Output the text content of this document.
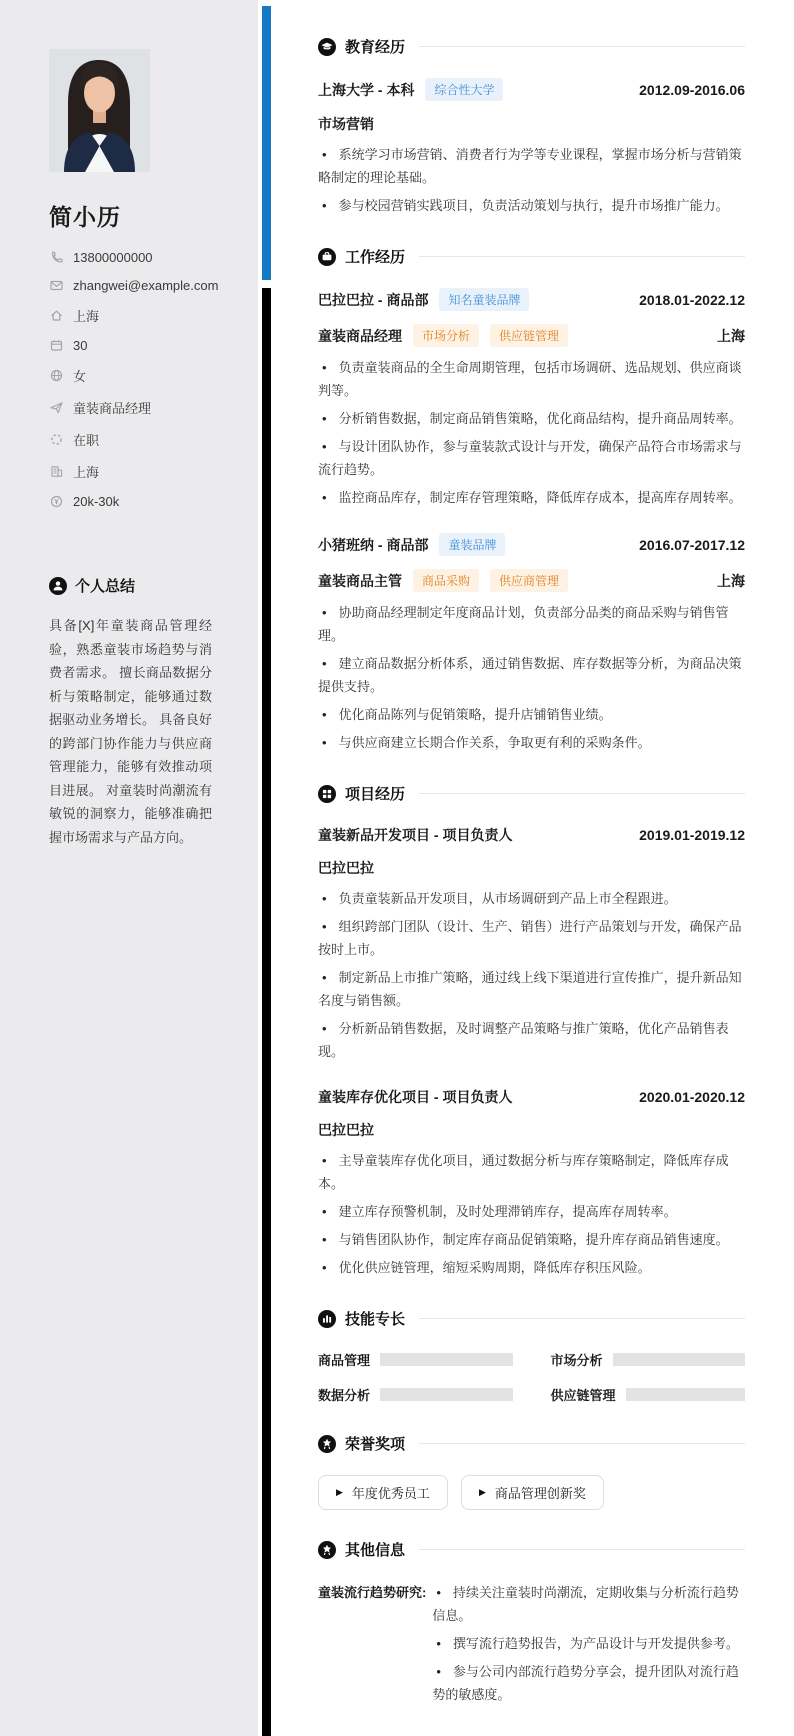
简小历
13800000000
zhangwei@example.com
上海
30
女
童装商品经理
在职
上海
20k-30k
个人总结
具备[X]年童装商品管理经验，熟悉童装市场趋势与消费者需求。 擅长商品数据分析与策略制定，能够通过数据驱动业务增长。 具备良好的跨部门协作能力与供应商管理能力，能够有效推动项目进展。 对童装时尚潮流有敏锐的洞察力，能够准确把握市场需求与产品方向。
教育经历
上海大学 - 本科	综合性大学	2012.09-2016.06
市场营销

• 系统学习市场营销、消费者行为学等专业课程，掌握市场分析与营销策略制定的理论基础。

• 参与校园营销实践项目，负责活动策划与执行，提升市场推广能力。

工作经历
巴拉巴拉 - 商品部	知名童装品牌	2018.01-2022.12
童装商品经理	市场分析	供应链管理	上海

• 负责童装商品的全生命周期管理，包括市场调研、选品规划、供应商谈判等。

• 分析销售数据，制定商品销售策略，优化商品结构，提升商品周转率。

• 与设计团队协作，参与童装款式设计与开发，确保产品符合市场需求与流行趋势。

• 监控商品库存，制定库存管理策略，降低库存成本，提高库存周转率。

小猪班纳 - 商品部	童装品牌	2016.07-2017.12
童装商品主管	商品采购	供应商管理	上海

• 协助商品经理制定年度商品计划，负责部分品类的商品采购与销售管理。

• 建立商品数据分析体系，通过销售数据、库存数据等分析，为商品决策提供支持。

• 优化商品陈列与促销策略，提升店铺销售业绩。

• 与供应商建立长期合作关系，争取更有利的采购条件。

项目经历
童装新品开发项目 - 项目负责人	2019.01-2019.12
巴拉巴拉

• 负责童装新品开发项目，从市场调研到产品上市全程跟进。

• 组织跨部门团队（设计、生产、销售）进行产品策划与开发，确保产品按时上市。

• 制定新品上市推广策略，通过线上线下渠道进行宣传推广，提升新品知名度与销售额。

• 分析新品销售数据，及时调整产品策略与推广策略，优化产品销售表现。

童装库存优化项目 - 项目负责人	2020.01-2020.12
巴拉巴拉

• 主导童装库存优化项目，通过数据分析与库存策略制定，降低库存成本。

• 建立库存预警机制，及时处理滞销库存，提高库存周转率。

• 与销售团队协作，制定库存商品促销策略，提升库存商品销售速度。

• 优化供应链管理，缩短采购周期，降低库存积压风险。

技能专长
商品管理	市场分析
数据分析	供应链管理
荣誉奖项
▶ 年度优秀员工	▶ 商品管理创新奖
其他信息
童装流行趋势研究: • 持续关注童装时尚潮流，定期收集与分析流行趋势信息。

• 撰写流行趋势报告，为产品设计与开发提供参考。

• 参与公司内部流行趋势分享会，提升团队对流行趋势的敏感度。
